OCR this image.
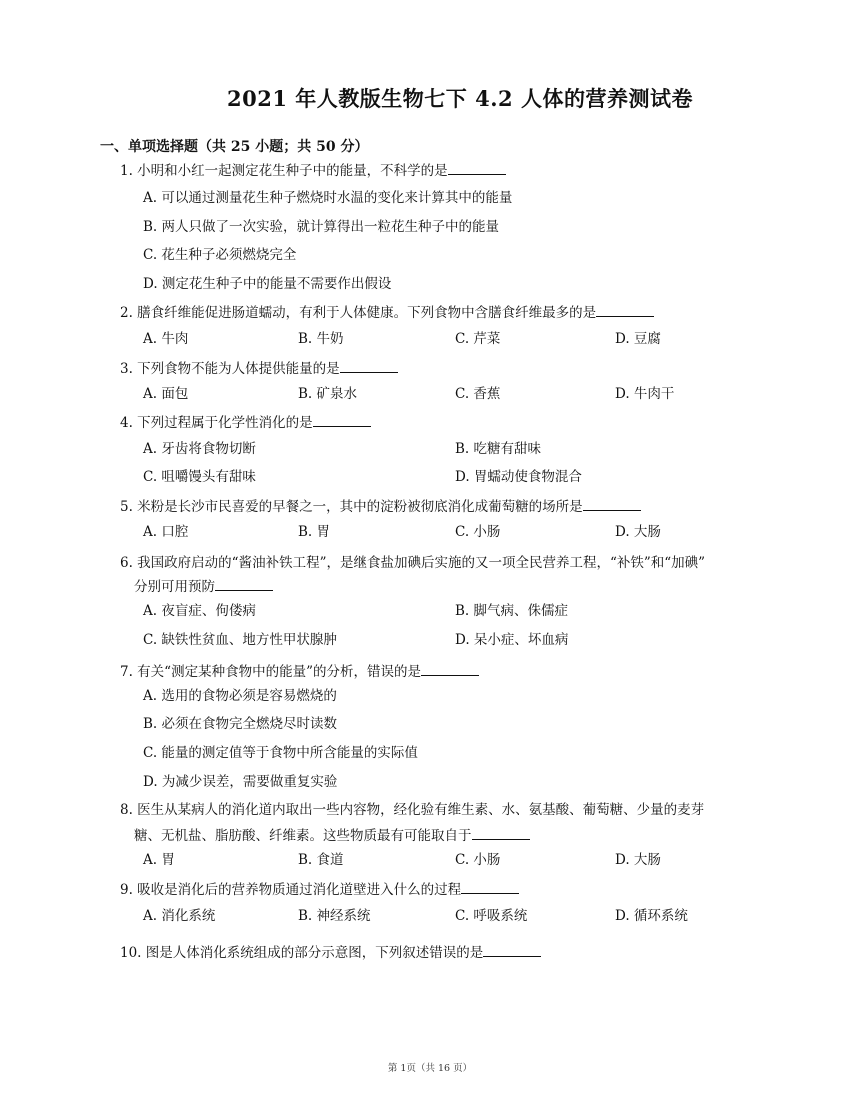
2021 年人教版生物七下 4.2 人体的营养测试卷
一、单项选择题（共 25 小题；共 50 分）
1. 小明和小红一起测定花生种子中的能量，不科学的是
A. 可以通过测量花生种子燃烧时水温的变化来计算其中的能量
B. 两人只做了一次实验，就计算得出一粒花生种子中的能量
C. 花生种子必须燃烧完全
D. 测定花生种子中的能量不需要作出假设
2. 膳食纤维能促进肠道蠕动，有利于人体健康。下列食物中含膳食纤维最多的是
A. 牛肉	B. 牛奶	C. 芹菜	D. 豆腐
3. 下列食物不能为人体提供能量的是
A. 面包	B. 矿泉水	C. 香蕉	D. 牛肉干
4. 下列过程属于化学性消化的是
A. 牙齿将食物切断	B. 吃糖有甜味
C. 咀嚼馒头有甜味	D. 胃蠕动使食物混合
5. 米粉是长沙市民喜爱的早餐之一，其中的淀粉被彻底消化成葡萄糖的场所是
A. 口腔	B. 胃	C. 小肠	D. 大肠
6. 我国政府启动的“酱油补铁工程”，是继食盐加碘后实施的又一项全民营养工程，“补铁”和“加碘”
分别可用预防
A. 夜盲症、佝偻病	B. 脚气病、侏儒症
C. 缺铁性贫血、地方性甲状腺肿	D. 呆小症、坏血病
7. 有关“测定某种食物中的能量”的分析，错误的是
A. 选用的食物必须是容易燃烧的
B. 必须在食物完全燃烧尽时读数
C. 能量的测定值等于食物中所含能量的实际值
D. 为减少误差，需要做重复实验
8. 医生从某病人的消化道内取出一些内容物，经化验有维生素、水、氨基酸、葡萄糖、少量的麦芽
糖、无机盐、脂肪酸、纤维素。这些物质最有可能取自于
A. 胃	B. 食道	C. 小肠	D. 大肠
9. 吸收是消化后的营养物质通过消化道壁进入什么的过程
A. 消化系统	B. 神经系统	C. 呼吸系统	D. 循环系统
10. 图是人体消化系统组成的部分示意图，下列叙述错误的是
第 1页（共 16 页）
